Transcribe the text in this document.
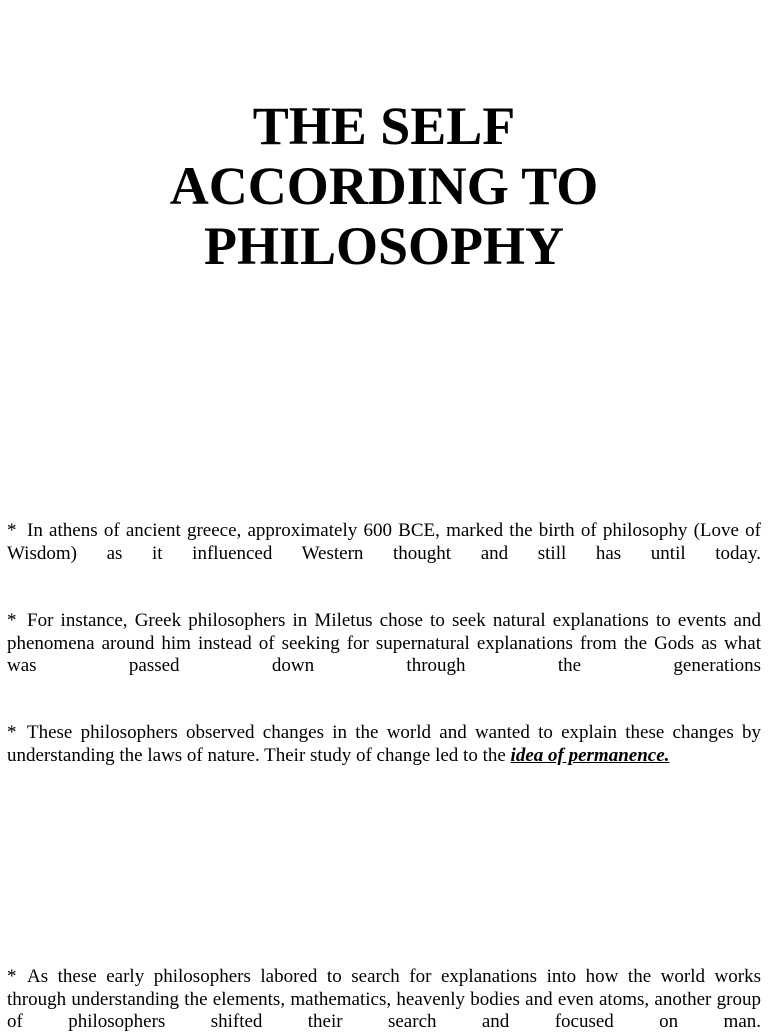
THE SELF
ACCORDING TO
PHILOSOPHY

* In athens of ancient greece, approximately 600 BCE, marked the birth of philosophy (Love of Wisdom) as it influenced Western thought and still has until today.

* For instance, Greek philosophers in Miletus chose to seek natural explanations to events and phenomena around him instead of seeking for supernatural explanations from the Gods as what was passed down through the generations

* These philosophers observed changes in the world and wanted to explain these changes by understanding the laws of nature. Their study of change led to the idea of permanence.

* As these early philosophers labored to search for explanations into how the world works through understanding the elements, mathematics, heavenly bodies and even atoms, another group of philosophers shifted their search and focused on man.
